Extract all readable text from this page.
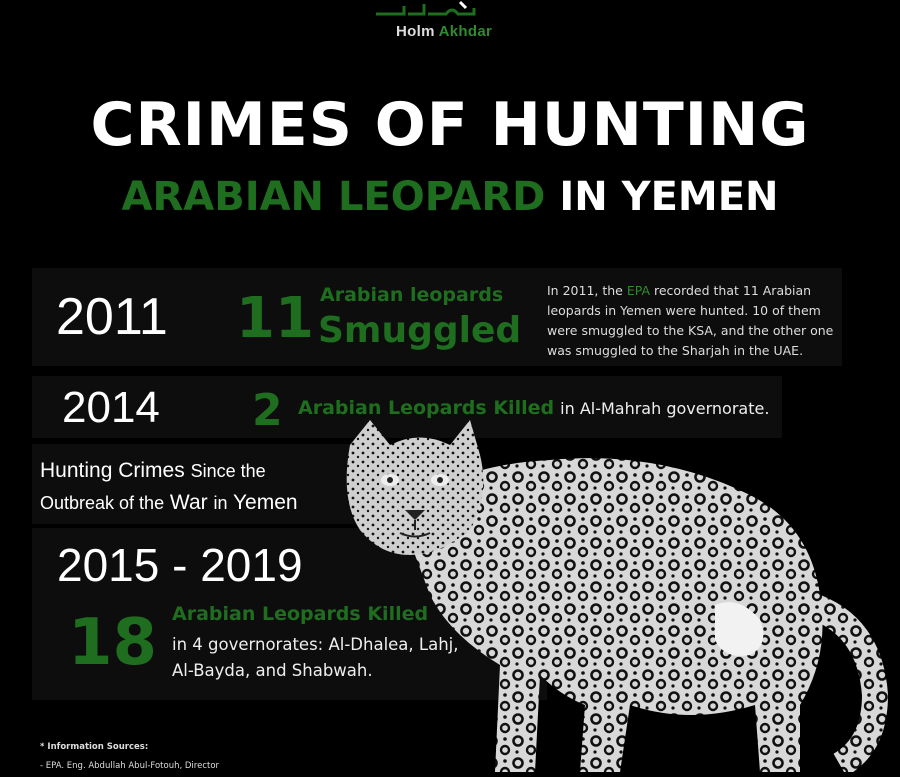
Holm Akhdar
CRIMES OF HUNTING
ARABIAN LEOPARD IN YEMEN
2011 11 Arabian leopards
Smuggled
In 2011, the EPA recorded that 11 Arabian
leopards in Yemen were hunted. 10 of them
were smuggled to the KSA, and the other one
was smuggled to the Sharjah in the UAE.
2014 2 Arabian Leopards Killed in Al-Mahrah governorate.
Hunting Crimes Since the
Outbreak of the War in Yemen
2015 - 2019
18 Arabian Leopards Killed
in 4 governorates: Al-Dhalea, Lahj,
Al-Bayda, and Shabwah.
* Information Sources:
- EPA. Eng. Abdullah Abul-Fotouh, Director
